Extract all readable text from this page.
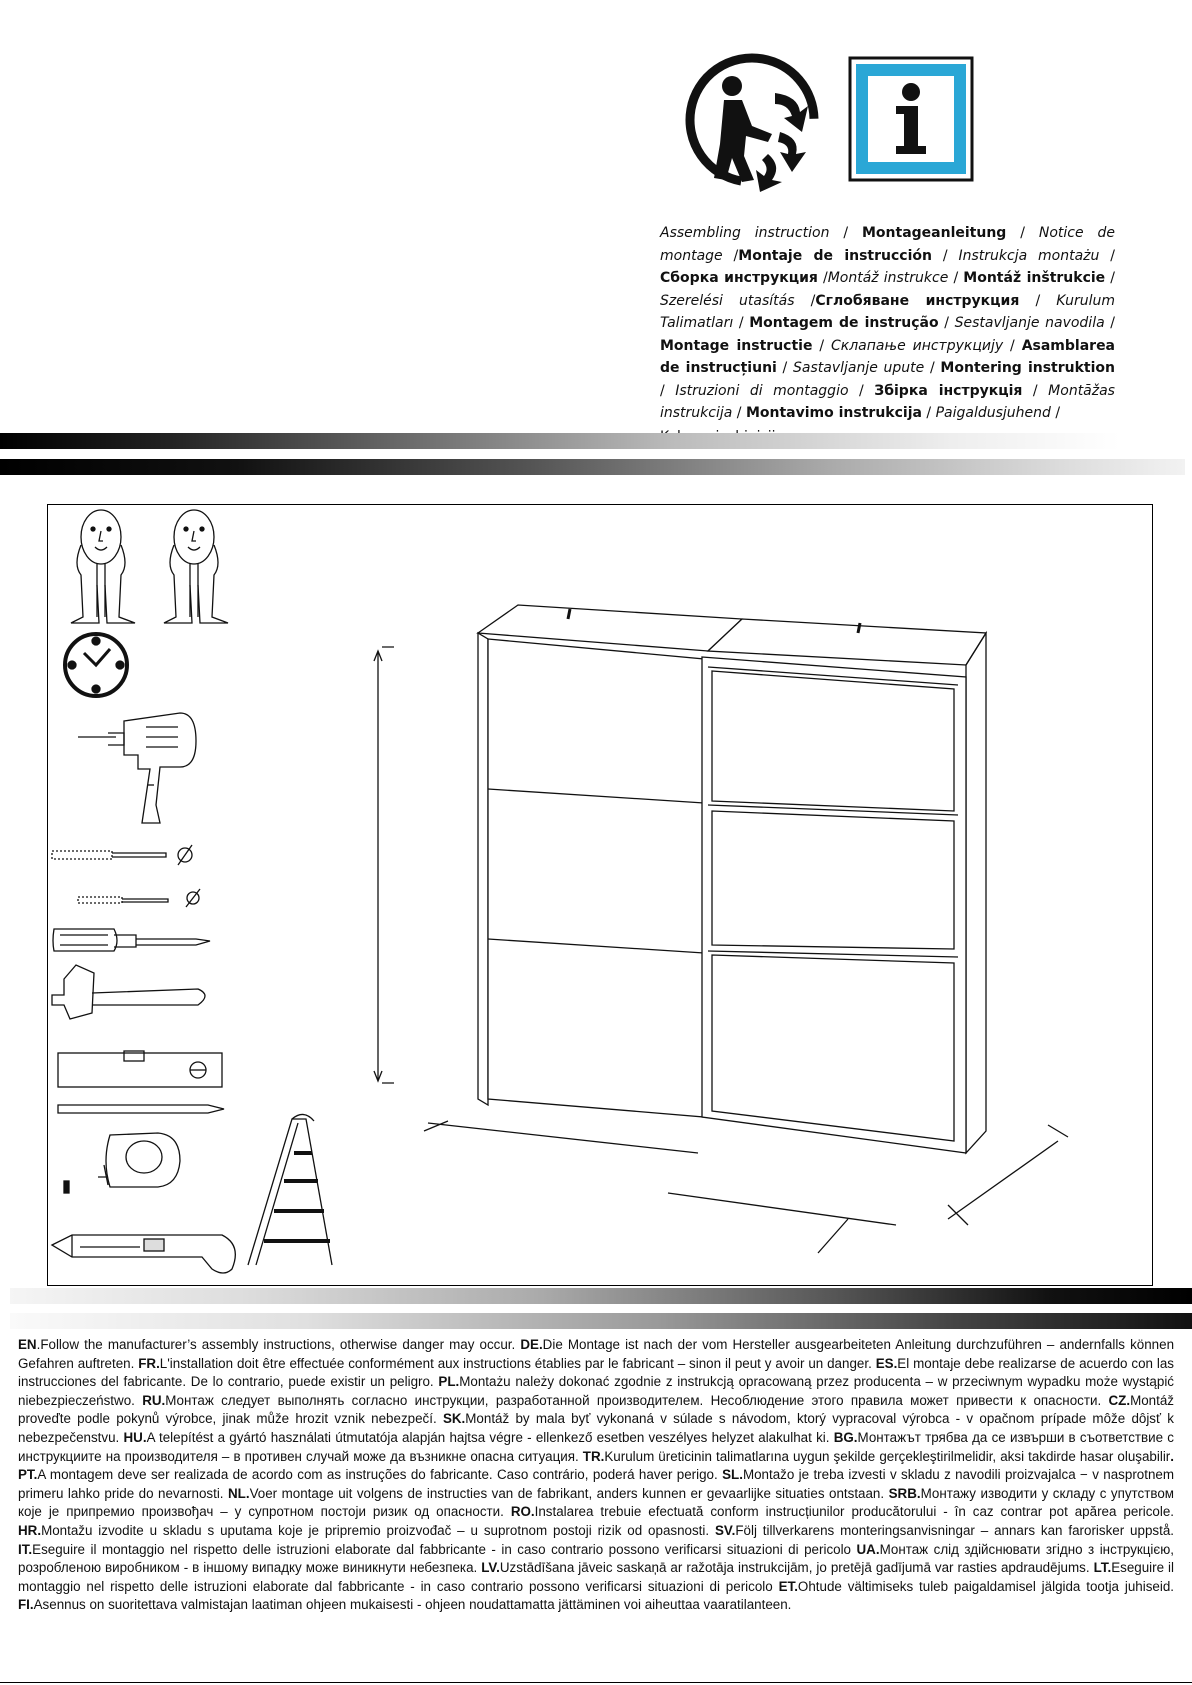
Assembling instruction / Montageanleitung / Notice de montage /Montaje de instrucción / Instrukcja montażu / Сборка инструкция /Montáž instrukce / Montáž inštrukcie / Szerelési utasítás /Сглобяване инструкция / Kurulum Talimatları / Montagem de instrução / Sestavljanje navodila / Montage instructie / Склапање инструкцију / Asamblarea de instrucțiuni / Sastavljanje upute / Montering instruktion / Istruzioni di montaggio / Збірка інструкція / Montāžas instrukcija / Montavimo instrukcija / Paigaldusjuhend /
EN.Follow the manufacturer’s assembly instructions, otherwise danger may occur. DE.Die Montage ist nach der vom Hersteller ausgearbeiteten Anleitung durchzuführen – andernfalls können Gefahren auftreten. FR.L'installation doit être effectuée conformément aux instructions établies par le fabricant – sinon il peut y avoir un danger. ES.El montaje debe realizarse de acuerdo con las instrucciones del fabricante. De lo contrario, puede existir un peligro. PL.Montażu należy dokonać zgodnie z instrukcją opracowaną przez producenta – w przeciwnym wypadku może wystąpić niebezpieczeństwo. RU.Монтаж следует выполнять согласно инструкции, разработанной производителем. Несоблюдение этого правила может привести к опасности. CZ.Montáž proveďte podle pokynů výrobce, jinak může hrozit vznik nebezpečí. SK.Montáž by mala byť vykonaná v súlade s návodom, ktorý vypracoval výrobca - v opačnom prípade môže dôjsť k nebezpečenstvu. HU.A telepítést a gyártó használati útmutatója alapján hajtsa végre - ellenkező esetben veszélyes helyzet alakulhat ki. BG.Монтажът трябва да се извърши в съответствие с инструкциите на производителя – в противен случай може да възникне опасна ситуация. TR.Kurulum üreticinin talimatlarına uygun şekilde gerçekleştirilmelidir, aksi takdirde hasar oluşabilir. PT.A montagem deve ser realizada de acordo com as instruções do fabricante. Caso contrário, poderá haver perigo. SL.Montažo je treba izvesti v skladu z navodili proizvajalca − v nasprotnem primeru lahko pride do nevarnosti. NL.Voer montage uit volgens de instructies van de fabrikant, anders kunnen er gevaarlijke situaties ontstaan. SRB.Монтажу изводити у складу с упутством које је припремио произвођач – у супротном постоји ризик од опасности. RO.Instalarea trebuie efectuată conform instrucțiunilor producătorului - în caz contrar pot apărea pericole. HR.Montažu izvodite u skladu s uputama koje je pripremio proizvođač – u suprotnom postoji rizik od opasnosti. SV.Följ tillverkarens monteringsanvisningar – annars kan farorisker uppstå. IT.Eseguire il montaggio nel rispetto delle istruzioni elaborate dal fabbricante - in caso contrario possono verificarsi situazioni di pericolo UA.Монтаж слід здійснювати згідно з інструкцією, розробленою виробником - в іншому випадку може виникнути небезпека. LV.Uzstādīšana jāveic saskaņā ar ražotāja instrukcijām, jo pretējā gadījumā var rasties apdraudējums. LT.Eseguire il montaggio nel rispetto delle istruzioni elaborate dal fabbricante - in caso contrario possono verificarsi situazioni di pericolo ET.Ohtude vältimiseks tuleb paigaldamisel jälgida tootja juhiseid. FI.Asennus on suoritettava valmistajan laatiman ohjeen mukaisesti - ohjeen noudattamatta jättäminen voi aiheuttaa vaaratilanteen.
